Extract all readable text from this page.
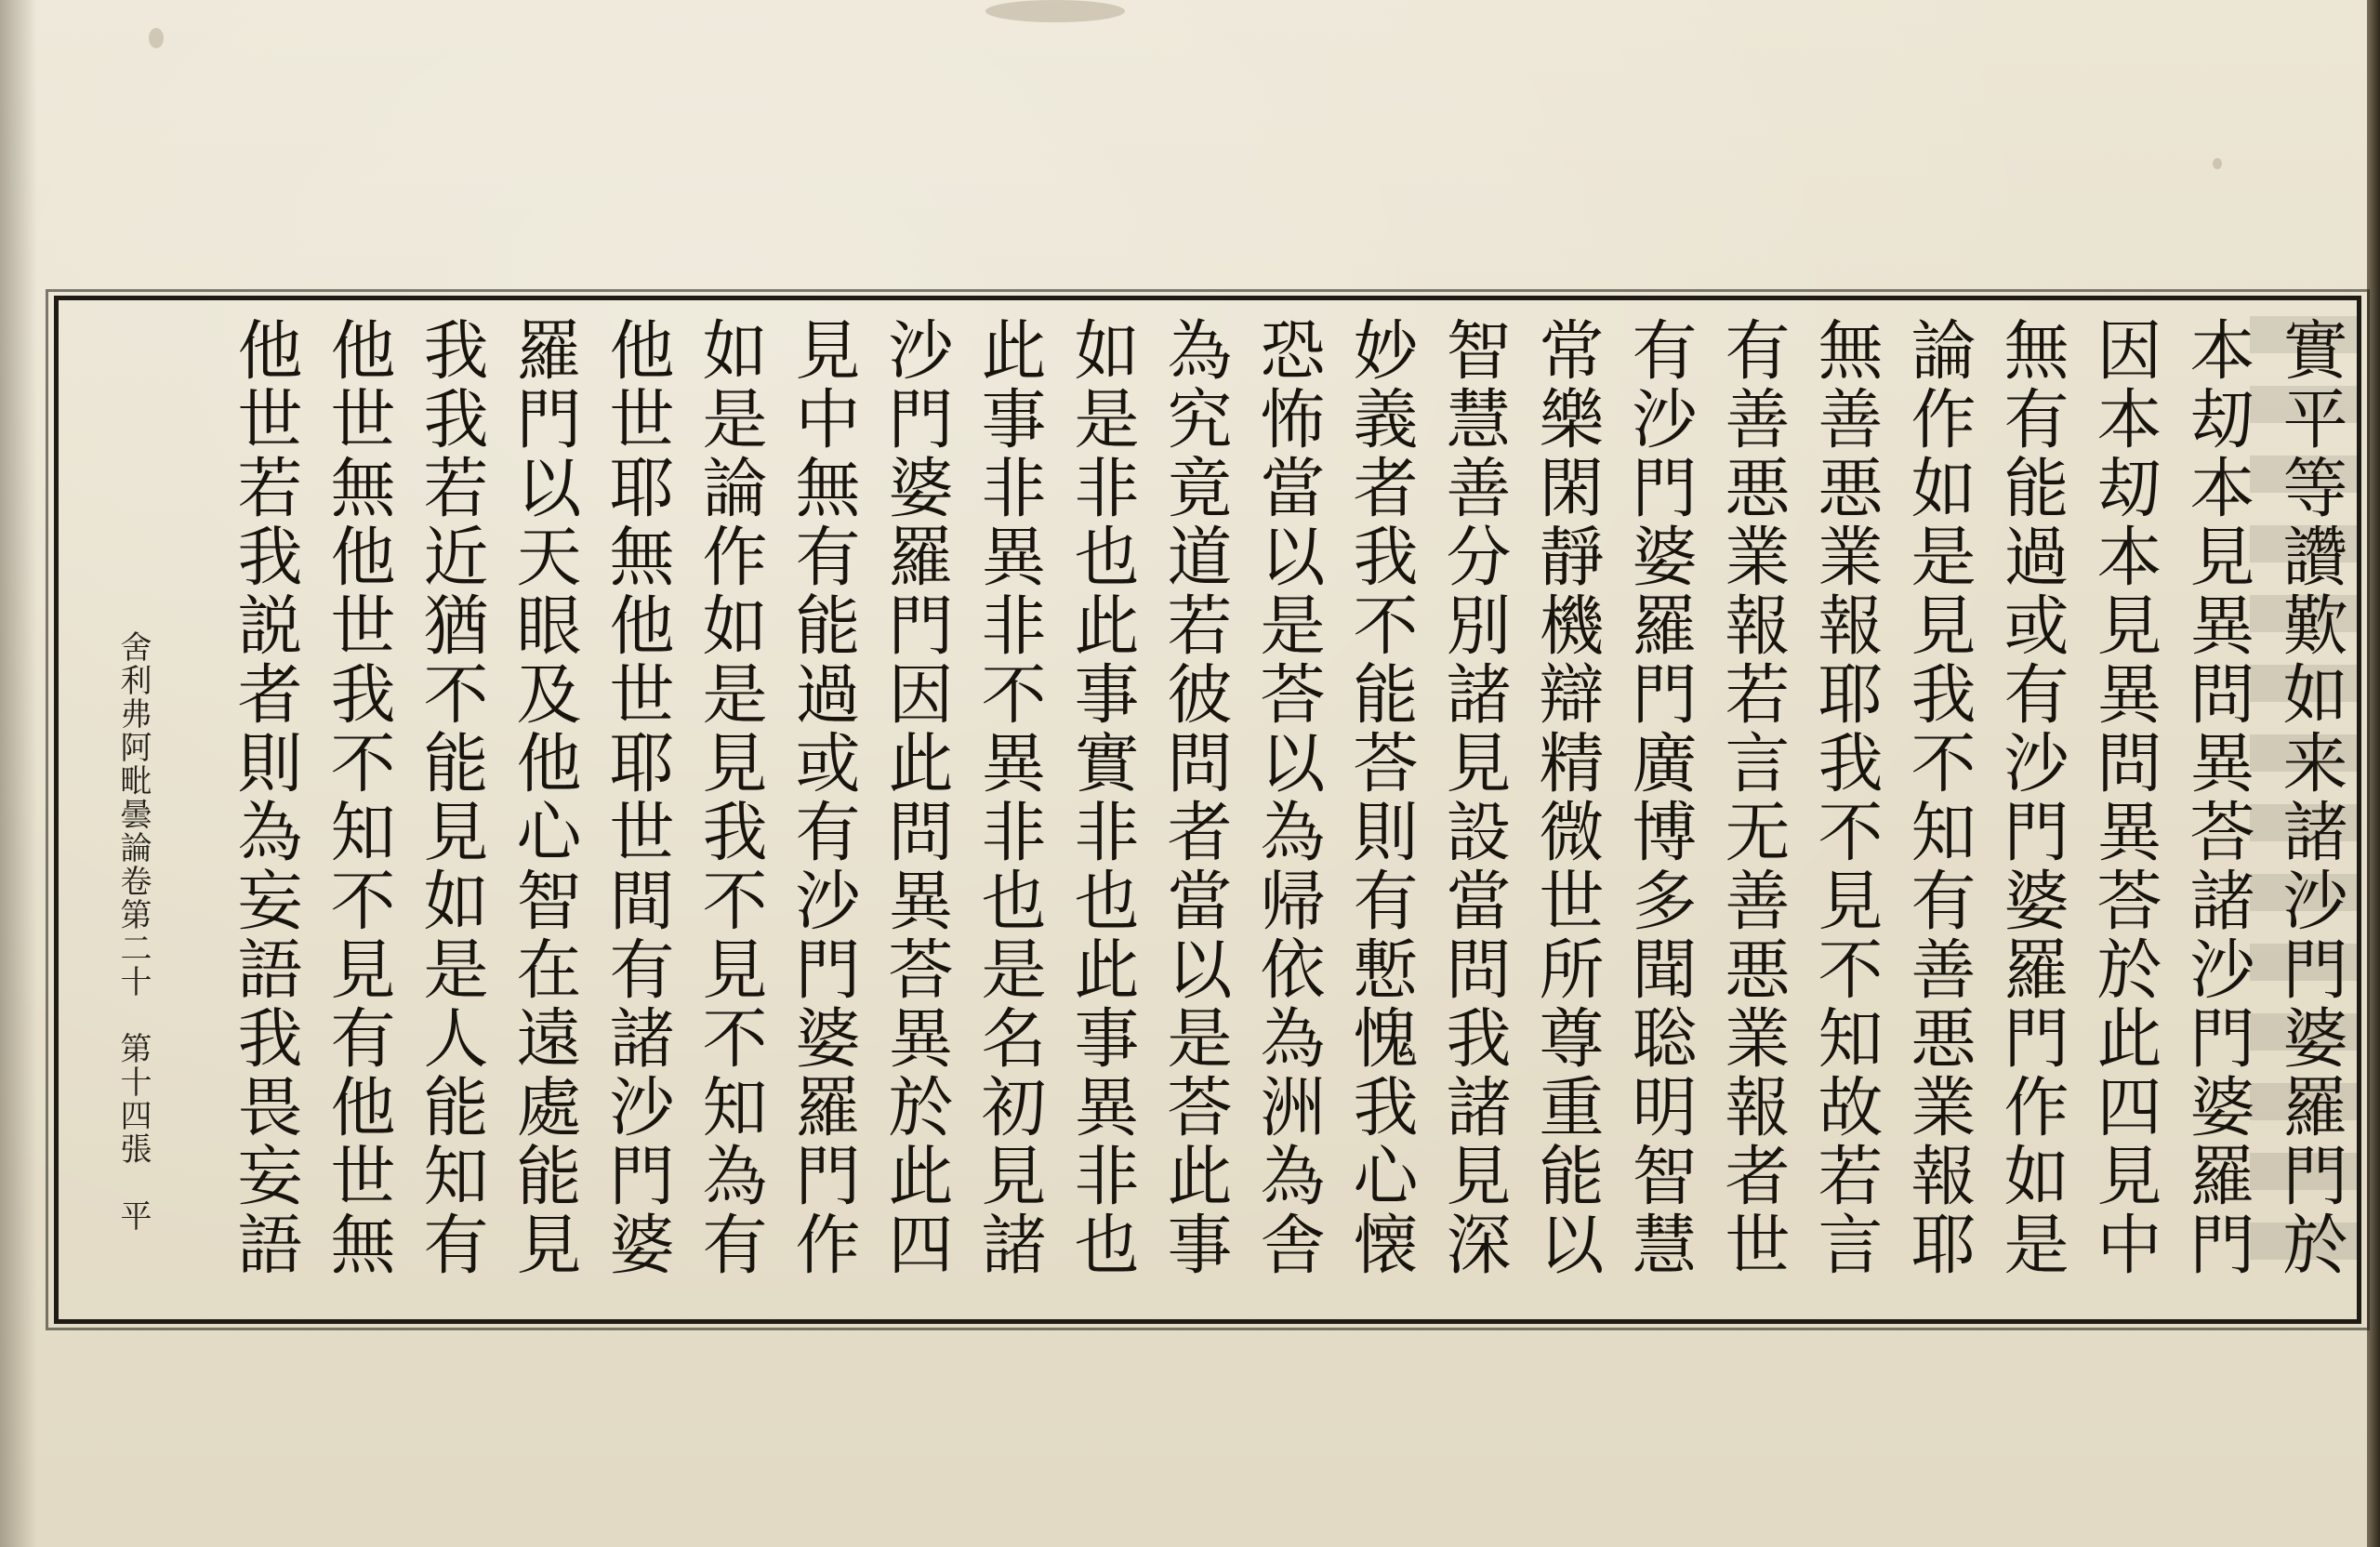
實平等讚歎如来諸沙門婆羅門於
本刧本見異問異荅諸沙門婆羅門
因本刧本見異問異荅於此四見中
無有能過或有沙門婆羅門作如是
論作如是見我不知有善悪業報耶
無善悪業報耶我不見不知故若言
有善悪業報若言无善悪業報者世
有沙門婆羅門廣博多聞聡明智慧
常樂閑靜機辯精微世所尊重能以
智慧善分別諸見設當問我諸見深
妙義者我不能荅則有慙愧我心懐
恐怖當以是荅以為帰依為洲為舎
為究竟道若彼問者當以是荅此事
如是非也此事實非也此事異非也
此事非異非不異非也是名初見諸
沙門婆羅門因此問異荅異於此四
見中無有能過或有沙門婆羅門作
如是論作如是見我不見不知為有
他世耶無他世耶世間有諸沙門婆
羅門以天眼及他心智在遠處能見
我我若近猶不能見如是人能知有
他世無他世我不知不見有他世無
他世若我説者則為妄語我畏妄語
舍利弗阿毗曇論卷第二十　第十四張　平
